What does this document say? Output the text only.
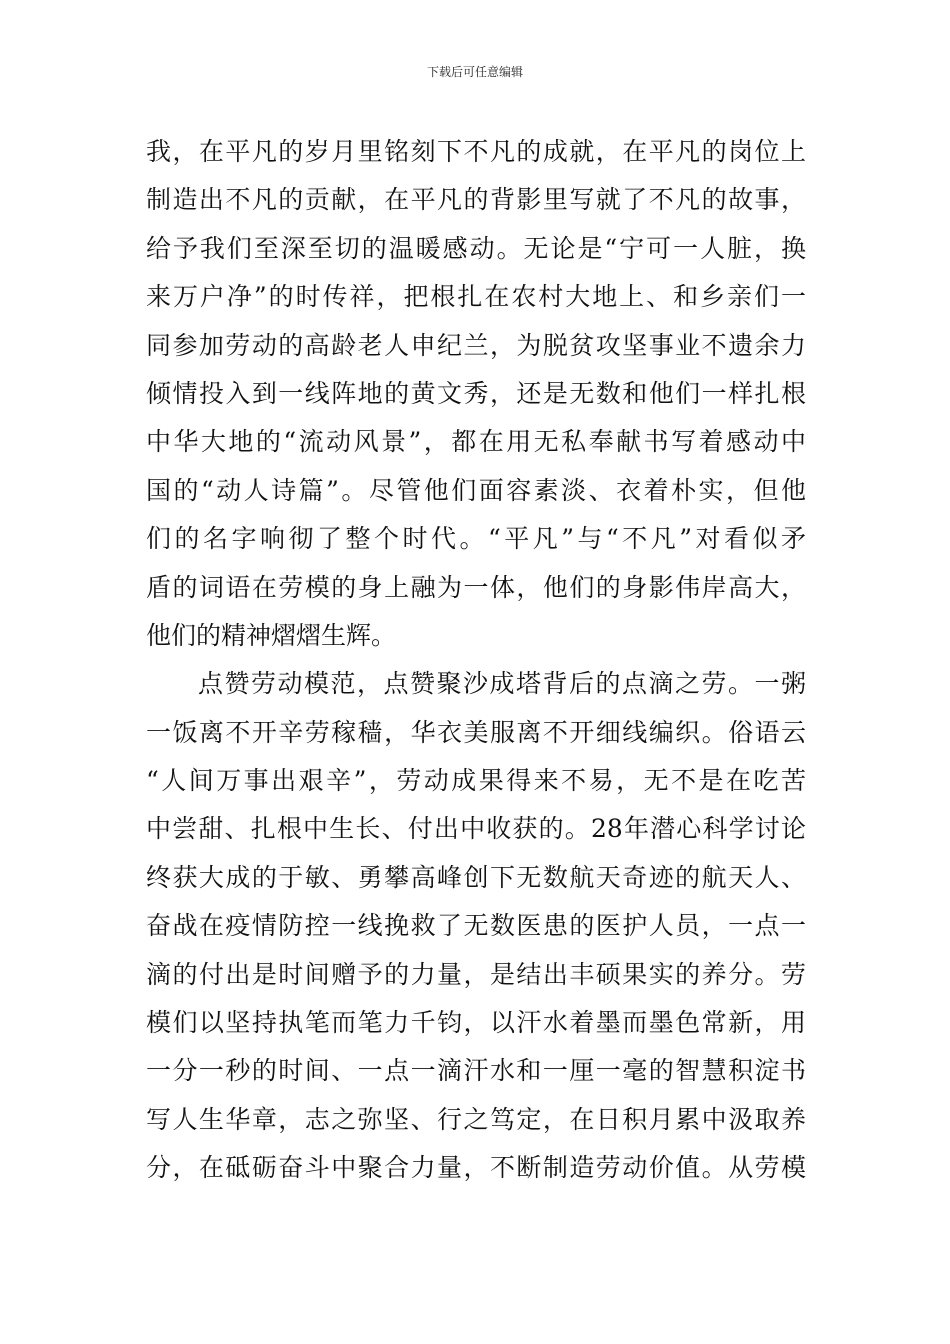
下载后可任意编辑
我，在平凡的岁月里铭刻下不凡的成就，在平凡的岗位上
制造出不凡的贡献，在平凡的背影里写就了不凡的故事，
给予我们至深至切的温暖感动。无论是“宁可一人脏，换
来万户净”的时传祥，把根扎在农村大地上、和乡亲们一
同参加劳动的高龄老人申纪兰，为脱贫攻坚事业不遗余力
倾情投入到一线阵地的黄文秀，还是无数和他们一样扎根
中华大地的“流动风景”，都在用无私奉献书写着感动中
国的“动人诗篇”。尽管他们面容素淡、衣着朴实，但他
们的名字响彻了整个时代。“平凡”与“不凡”对看似矛
盾的词语在劳模的身上融为一体，他们的身影伟岸高大，
他们的精神熠熠生辉。
点赞劳动模范，点赞聚沙成塔背后的点滴之劳。一粥
一饭离不开辛劳稼穑，华衣美服离不开细线编织。俗语云
“人间万事出艰辛”，劳动成果得来不易，无不是在吃苦
中尝甜、扎根中生长、付出中收获的。28年潜心科学讨论
终获大成的于敏、勇攀高峰创下无数航天奇迹的航天人、
奋战在疫情防控一线挽救了无数医患的医护人员，一点一
滴的付出是时间赠予的力量，是结出丰硕果实的养分。劳
模们以坚持执笔而笔力千钧，以汗水着墨而墨色常新，用
一分一秒的时间、一点一滴汗水和一厘一毫的智慧积淀书
写人生华章，志之弥坚、行之笃定，在日积月累中汲取养
分，在砥砺奋斗中聚合力量，不断制造劳动价值。从劳模
